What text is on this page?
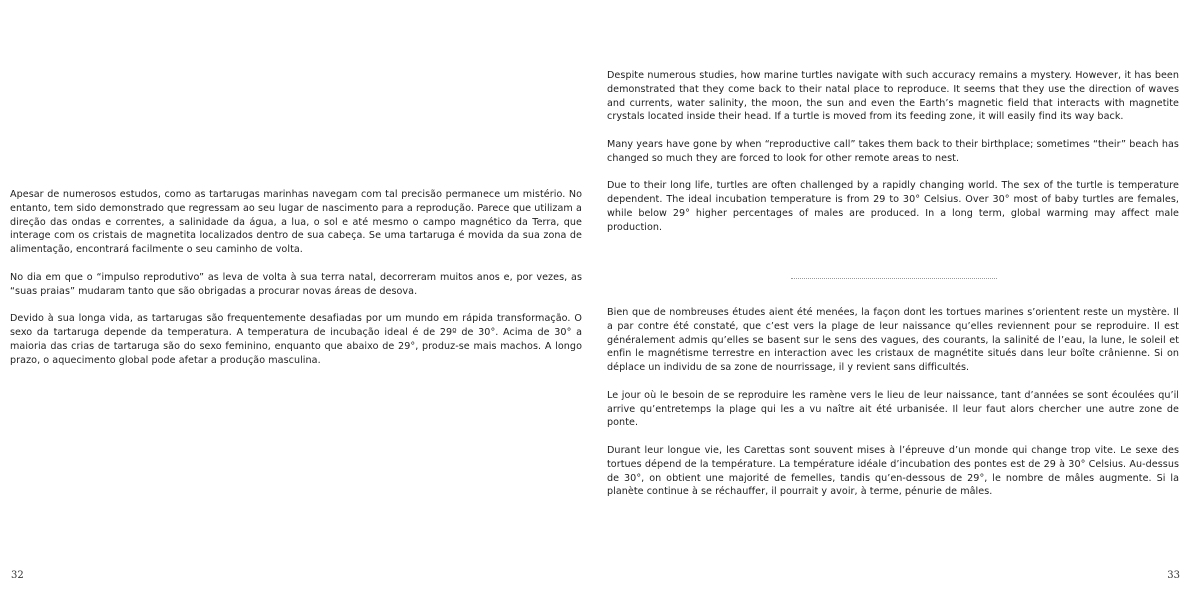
Apesar de numerosos estudos, como as tartarugas marinhas navegam com tal precisão permanece um mistério. No entanto, tem sido demonstrado que regressam ao seu lugar de nascimento para a reprodução. Parece que utilizam a direção das ondas e correntes, a salinidade da água, a lua, o sol e até mesmo o campo magnético da Terra, que interage com os cristais de magnetita localizados dentro de sua cabeça. Se uma tartaruga é movida da sua zona de alimentação, encontrará facilmente o seu caminho de volta.

No dia em que o “impulso reprodutivo” as leva de volta à sua terra natal, decorreram muitos anos e, por vezes, as “suas praias” mudaram tanto que são obrigadas a procurar novas áreas de desova.

Devido à sua longa vida, as tartarugas são frequentemente desafiadas por um mundo em rápida transformação. O sexo da tartaruga depende da temperatura. A temperatura de incubação ideal é de 29º de 30°. Acima de 30° a maioria das crias de tartaruga são do sexo feminino, enquanto que abaixo de 29°, produz-se mais machos. A longo prazo, o aquecimento global pode afetar a produção masculina.

32

Despite numerous studies, how marine turtles navigate with such accuracy remains a mystery. However, it has been demonstrated that they come back to their natal place to reproduce. It seems that they use the direction of waves and currents, water salinity, the moon, the sun and even the Earth’s magnetic field that interacts with magnetite crystals located inside their head. If a turtle is moved from its feeding zone, it will easily find its way back.

Many years have gone by when “reproductive call” takes them back to their birthplace; sometimes “their” beach has changed so much they are forced to look for other remote areas to nest.

Due to their long life, turtles are often challenged by a rapidly changing world. The sex of the turtle is temperature dependent. The ideal incubation temperature is from 29 to 30° Celsius. Over 30° most of baby turtles are females, while below 29° higher percentages of males are produced. In a long term, global warming may affect male production.

Bien que de nombreuses études aient été menées, la façon dont les tortues marines s’orientent reste un mystère. Il a par contre été constaté, que c’est vers la plage de leur naissance qu’elles reviennent pour se reproduire. Il est généralement admis qu’elles se basent sur le sens des vagues, des courants, la salinité de l’eau, la lune, le soleil et enfin le magnétisme terrestre en interaction avec les cristaux de magnétite situés dans leur boîte crânienne. Si on déplace un individu de sa zone de nourrissage, il y revient sans difficultés.

Le jour où le besoin de se reproduire les ramène vers le lieu de leur naissance, tant d’années se sont écoulées qu’il arrive qu’entretemps la plage qui les a vu naître ait été urbanisée. Il leur faut alors chercher une autre zone de ponte.

Durant leur longue vie, les Carettas sont souvent mises à l’épreuve d’un monde qui change trop vite. Le sexe des tortues dépend de la température. La température idéale d’incubation des pontes est de 29 à 30° Celsius. Au-dessus de 30°, on obtient une majorité de femelles, tandis qu’en-dessous de 29°, le nombre de mâles augmente. Si la planète continue à se réchauffer, il pourrait y avoir, à terme, pénurie de mâles.

33
